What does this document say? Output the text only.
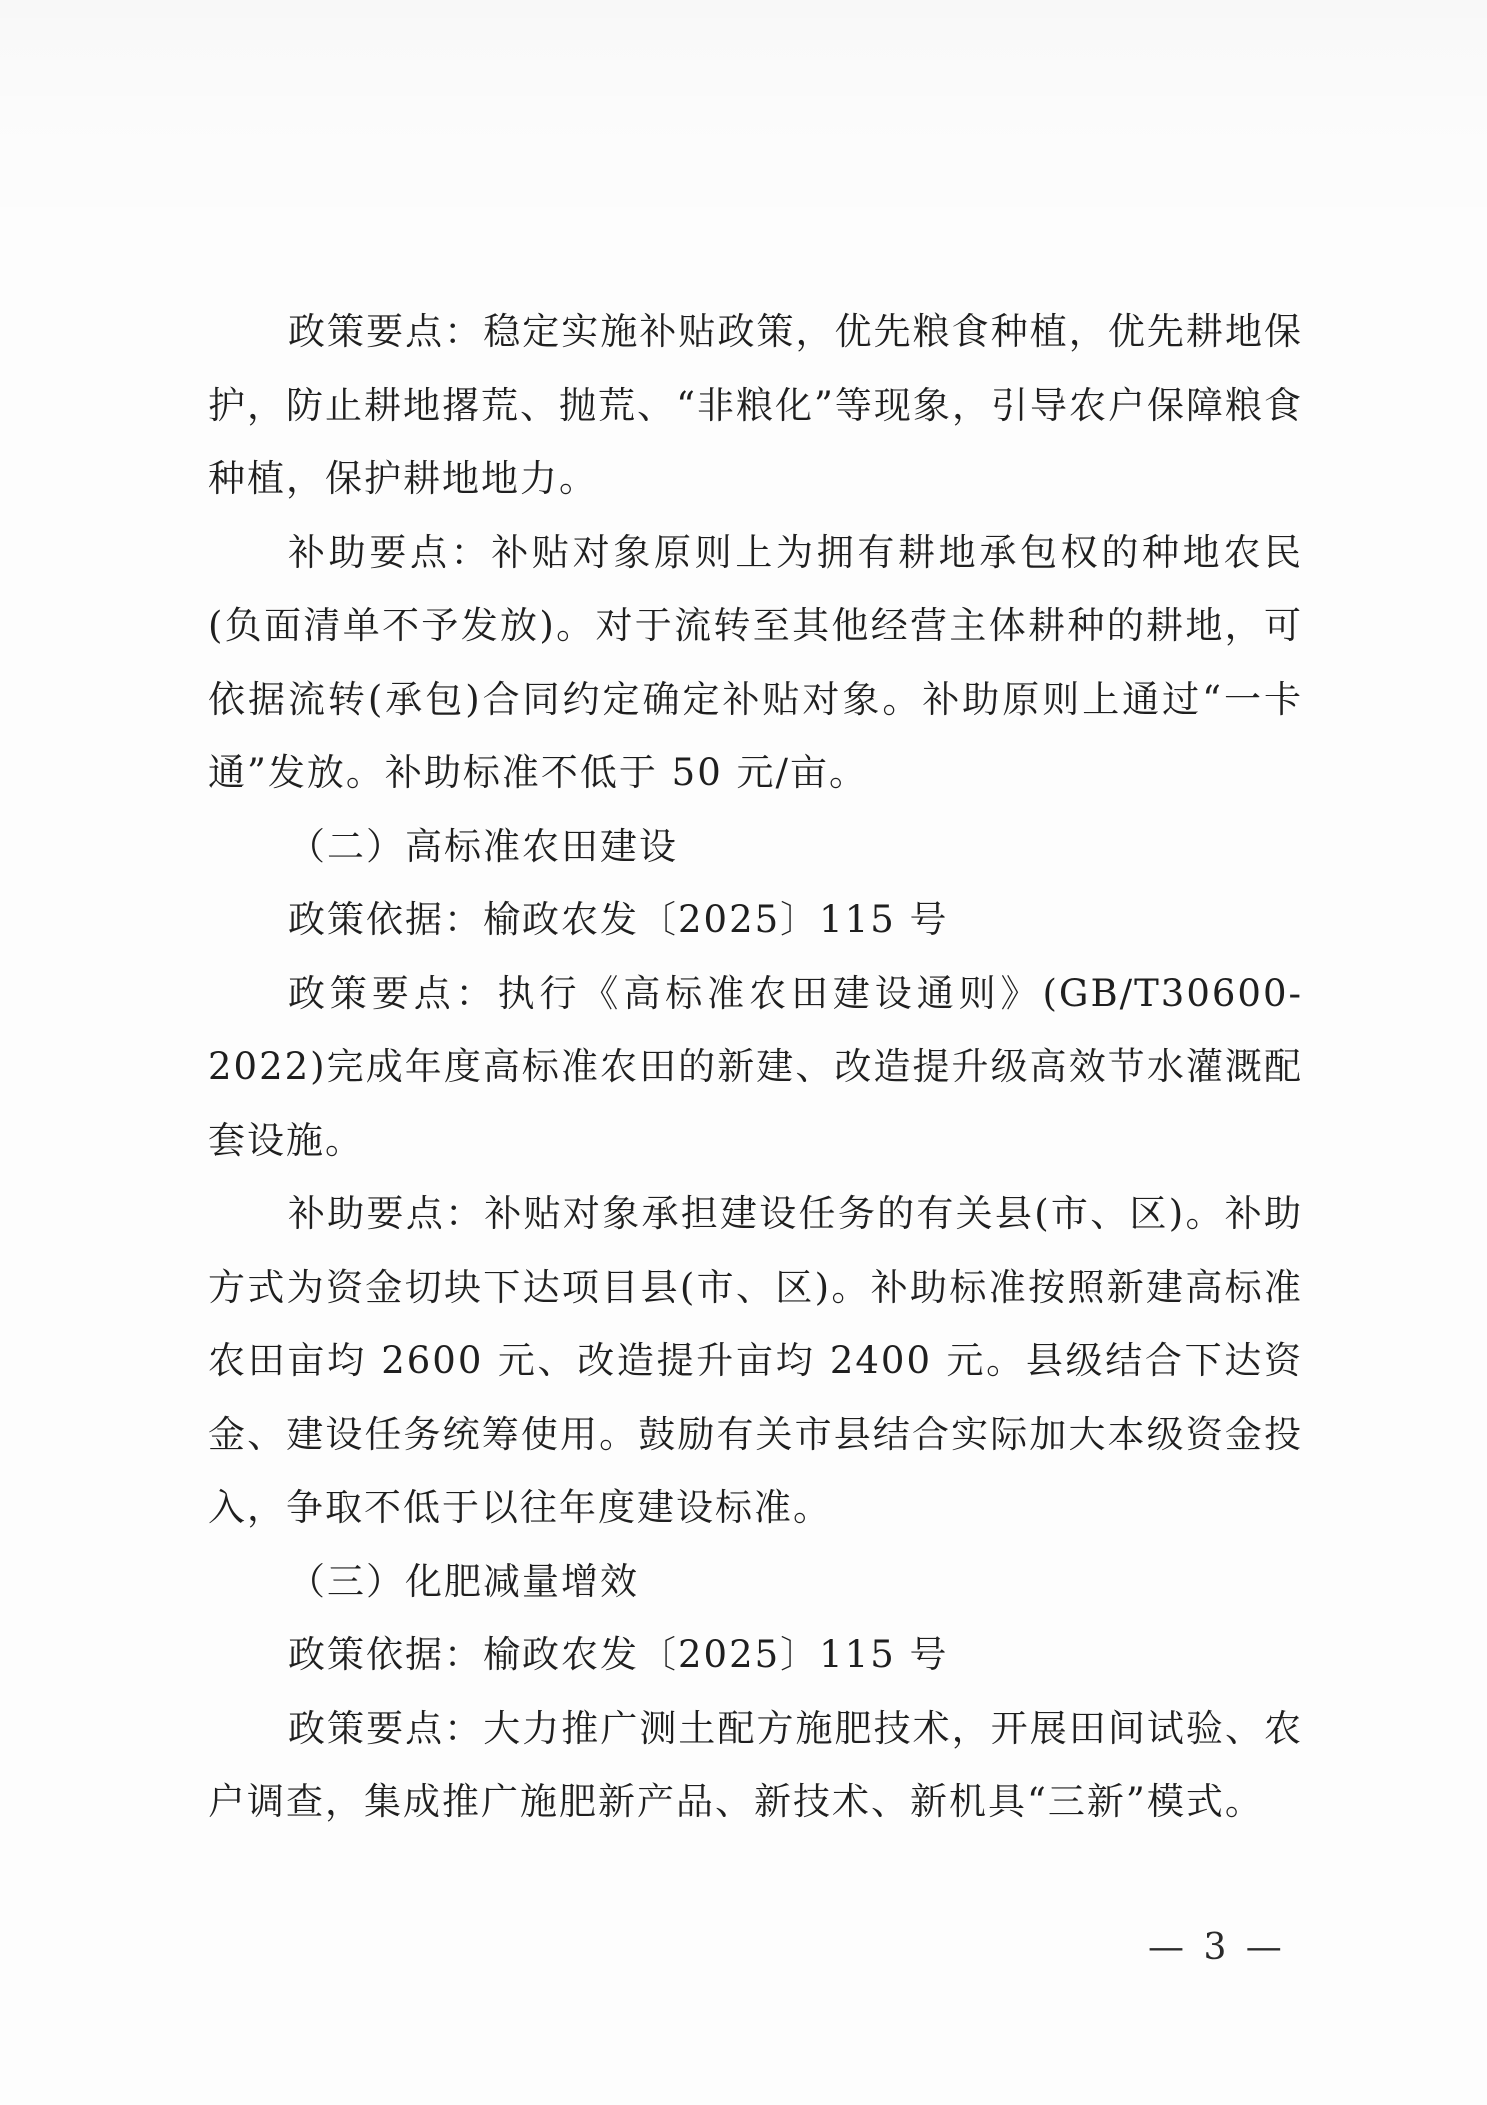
政策要点：稳定实施补贴政策，优先粮食种植，优先耕地保护，防止耕地撂荒、抛荒、“非粮化”等现象，引导农户保障粮食种植，保护耕地地力。

补助要点：补贴对象原则上为拥有耕地承包权的种地农民(负面清单不予发放)。对于流转至其他经营主体耕种的耕地，可依据流转(承包)合同约定确定补贴对象。补助原则上通过“一卡通”发放。补助标准不低于 50 元/亩。

（二）高标准农田建设

政策依据：榆政农发〔2025〕115 号

政策要点：执行《高标准农田建设通则》(GB/T30600-2022)完成年度高标准农田的新建、改造提升级高效节水灌溉配套设施。

补助要点：补贴对象承担建设任务的有关县(市、区)。补助方式为资金切块下达项目县(市、区)。补助标准按照新建高标准农田亩均 2600 元、改造提升亩均 2400 元。县级结合下达资金、建设任务统筹使用。鼓励有关市县结合实际加大本级资金投入，争取不低于以往年度建设标准。

（三）化肥减量增效

政策依据：榆政农发〔2025〕115 号

政策要点：大力推广测土配方施肥技术，开展田间试验、农户调查，集成推广施肥新产品、新技术、新机具“三新”模式。

— 3 —
